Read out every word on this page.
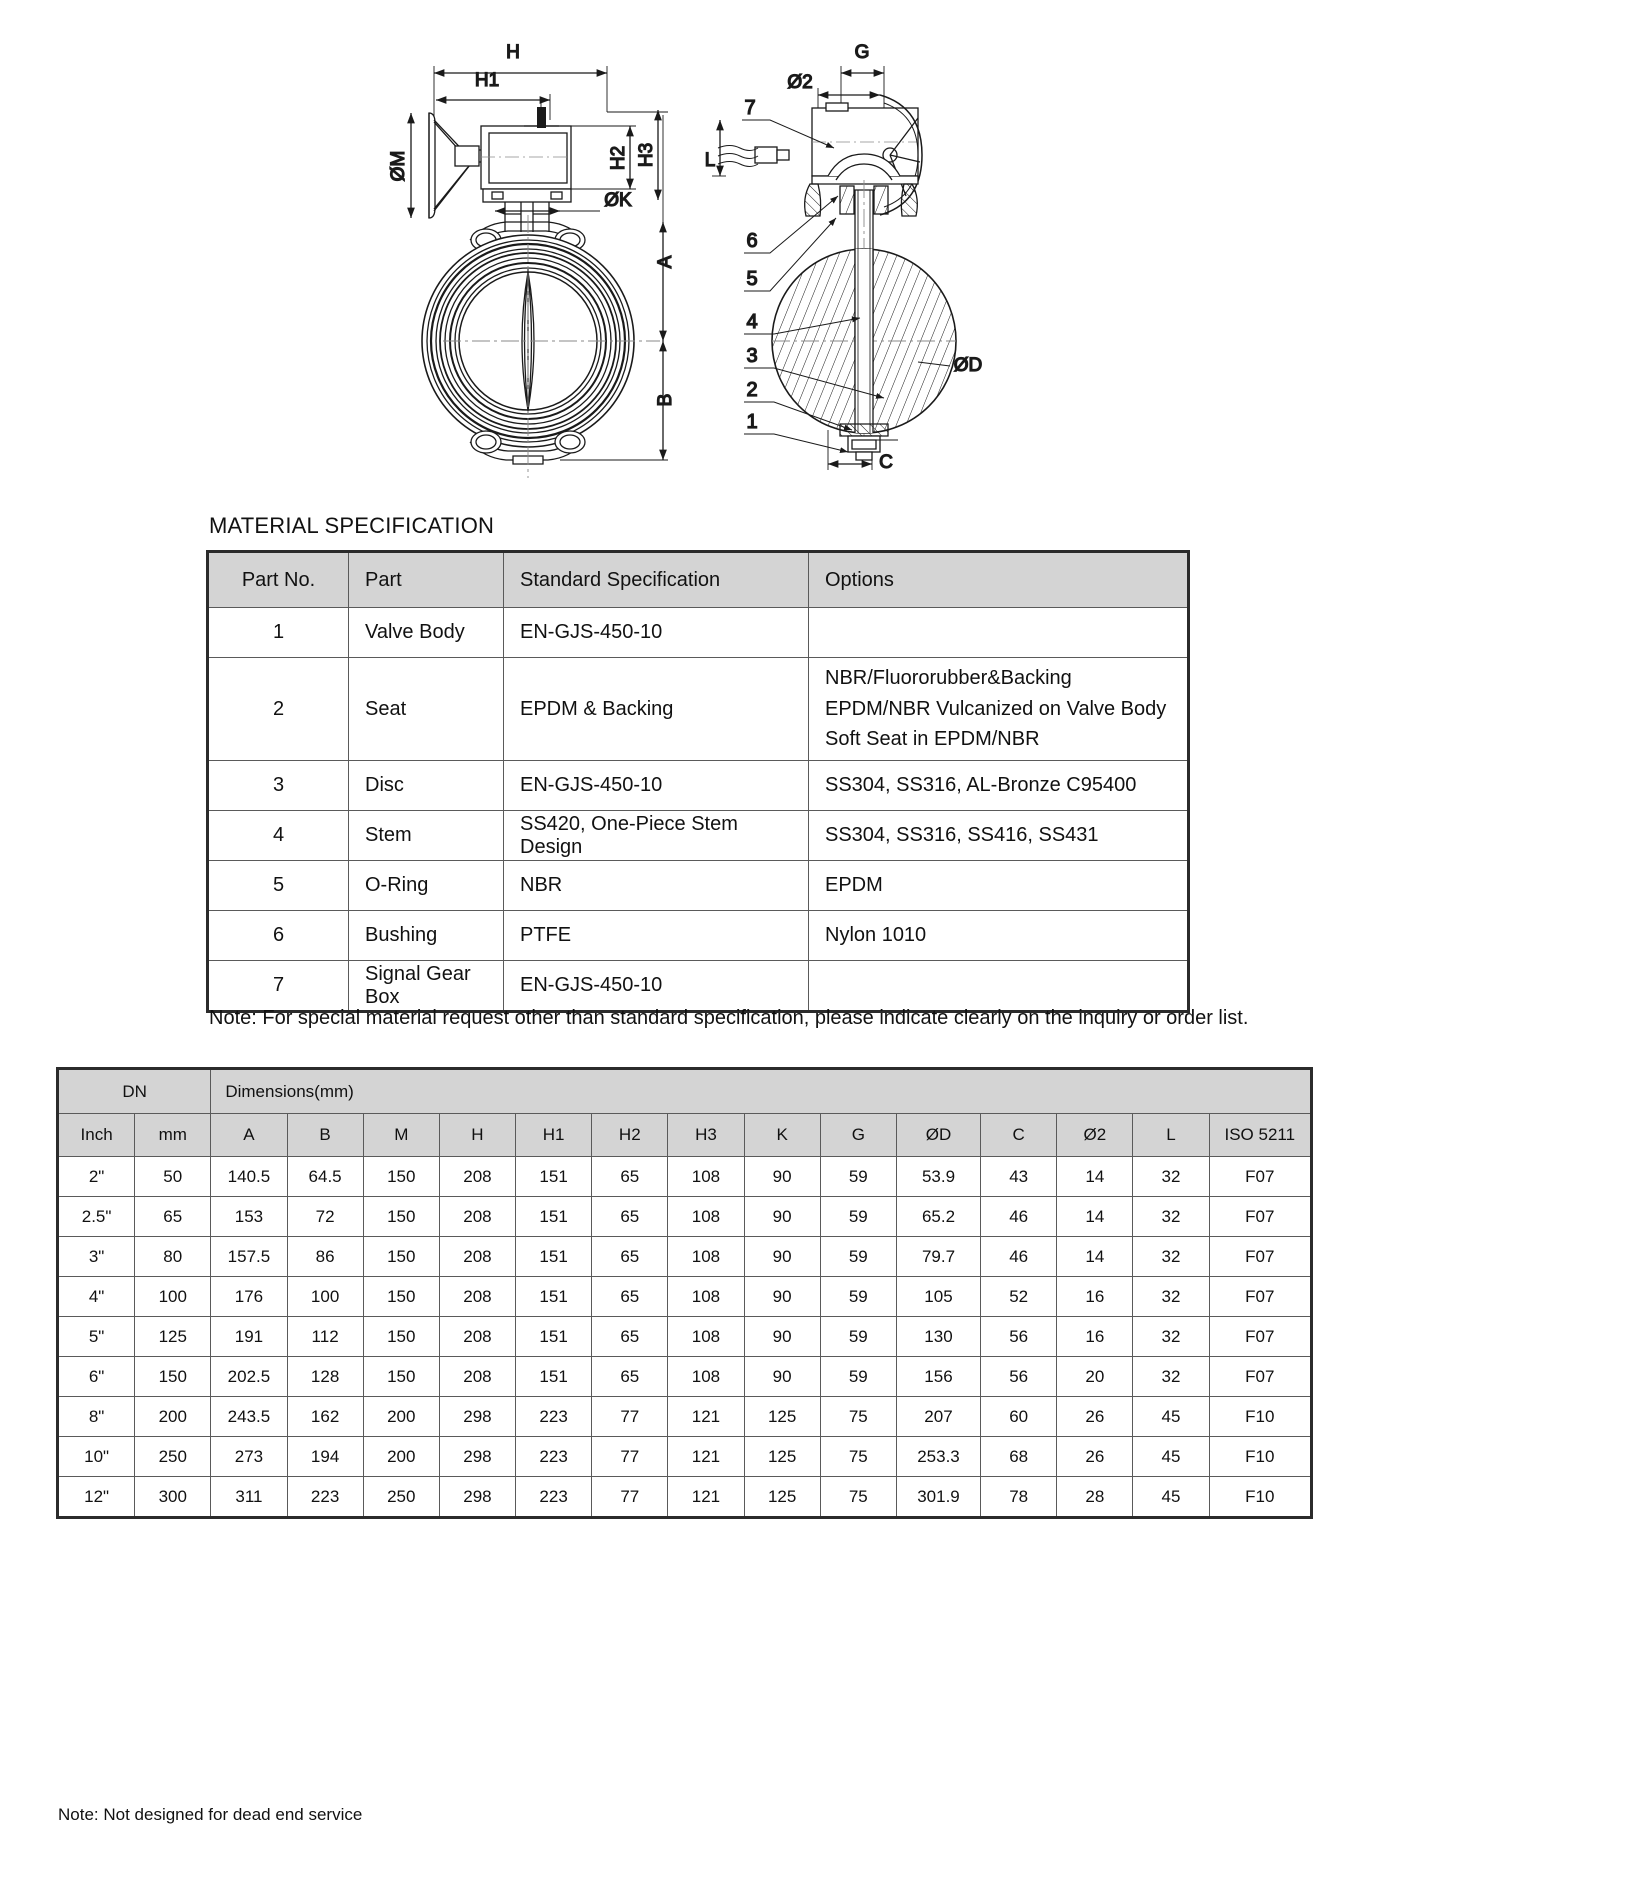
H
H1
ØM
ØK
A
B
H2 H3
G
Ø2
L
7
6
5
4
3
2
1
ØD
C
MATERIAL SPECIFICATION
Part No.	Part	Standard Specification	Options
1	Valve Body	EN-GJS-450-10	

2	Seat	EPDM & Backing	NBR/Fluororubber&Backing
EPDM/NBR Vulcanized on Valve Body
Soft Seat in EPDM/NBR

3	Disc	EN-GJS-450-10	SS304, SS316, AL-Bronze C95400

4	Stem	SS420, One-Piece Stem Design	SS304, SS316, SS416, SS431

5	O-Ring	NBR	EPDM

6	Bushing	PTFE	Nylon 1010

7	Signal Gear Box	EN-GJS-450-10	
Note: For special material request other than standard specification, please indicate clearly on the inquiry or order list.
DN		Dimensions(mm)													
Inch	mm	A	B	M	H	H1	H2	H3	K	G	ØD	C	Ø2	L	ISO 5211
2"	50	140.5	64.5	150	208	151	65	108	90	59	53.9	43	14	32	F07
2.5"	65	153	72	150	208	151	65	108	90	59	65.2	46	14	32	F07
3"	80	157.5	86	150	208	151	65	108	90	59	79.7	46	14	32	F07
4"	100	176	100	150	208	151	65	108	90	59	105	52	16	32	F07
5"	125	191	112	150	208	151	65	108	90	59	130	56	16	32	F07
6"	150	202.5	128	150	208	151	65	108	90	59	156	56	20	32	F07
8"	200	243.5	162	200	298	223	77	121	125	75	207	60	26	45	F10
10"	250	273	194	200	298	223	77	121	125	75	253.3	68	26	45	F10
12"	300	311	223	250	298	223	77	121	125	75	301.9	78	28	45	F10
Note: Not designed for dead end service
